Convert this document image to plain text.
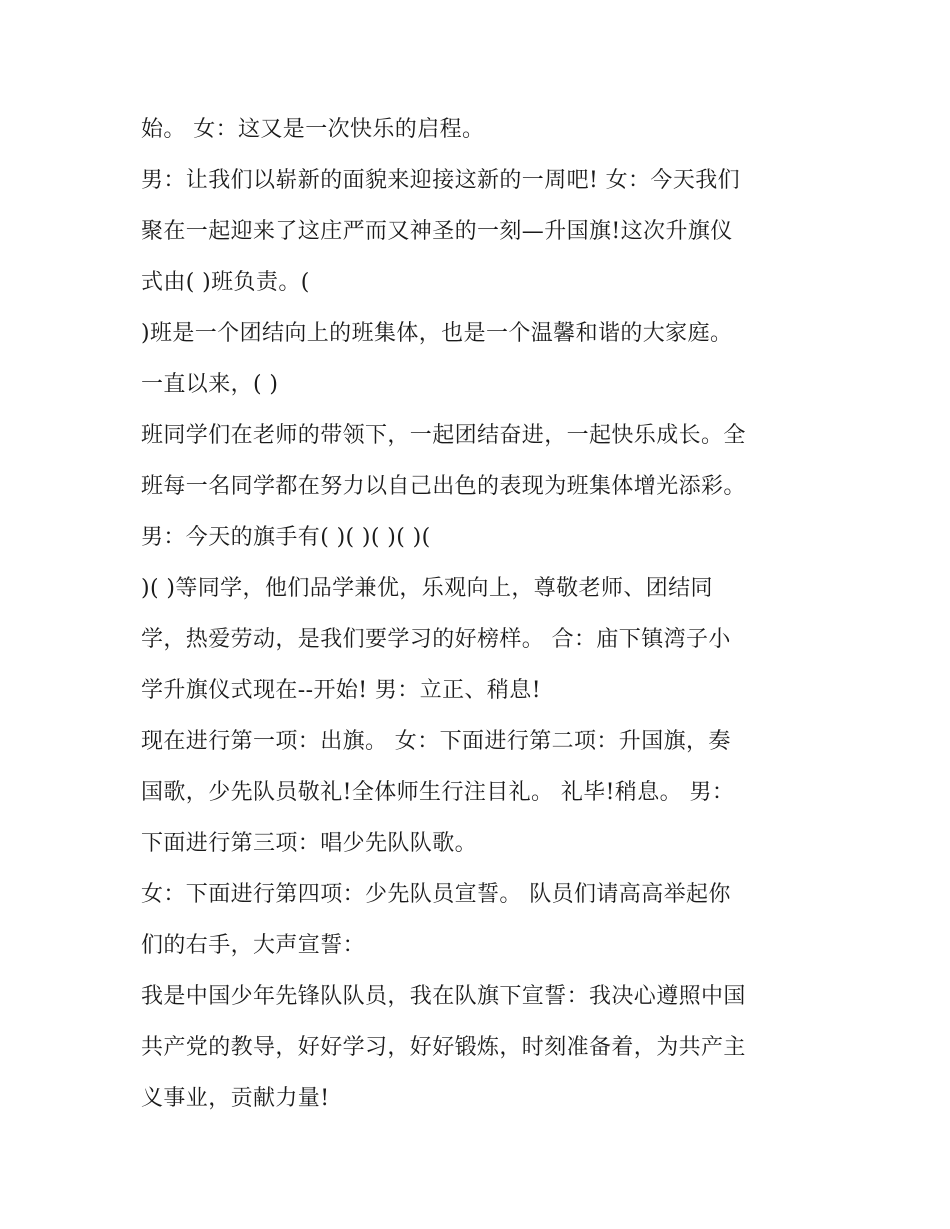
始。 女：这又是一次快乐的启程。
男：让我们以崭新的面貌来迎接这新的一周吧! 女：今天我们
聚在一起迎来了这庄严而又神圣的一刻—升国旗!这次升旗仪
式由( )班负责。(
)班是一个团结向上的班集体，也是一个温馨和谐的大家庭。
一直以来，( )
班同学们在老师的带领下，一起团结奋进，一起快乐成长。全
班每一名同学都在努力以自己出色的表现为班集体增光添彩。
男：今天的旗手有( )( )( )( )(
)( )等同学，他们品学兼优，乐观向上，尊敬老师、团结同
学，热爱劳动，是我们要学习的好榜样。 合：庙下镇湾子小
学升旗仪式现在--开始! 男：立正、稍息!
现在进行第一项：出旗。 女：下面进行第二项：升国旗，奏
国歌，少先队员敬礼!全体师生行注目礼。 礼毕!稍息。 男：
下面进行第三项：唱少先队队歌。
女：下面进行第四项：少先队员宣誓。 队员们请高高举起你
们的右手，大声宣誓：
我是中国少年先锋队队员，我在队旗下宣誓：我决心遵照中国
共产党的教导，好好学习，好好锻炼，时刻准备着，为共产主
义事业，贡献力量!
